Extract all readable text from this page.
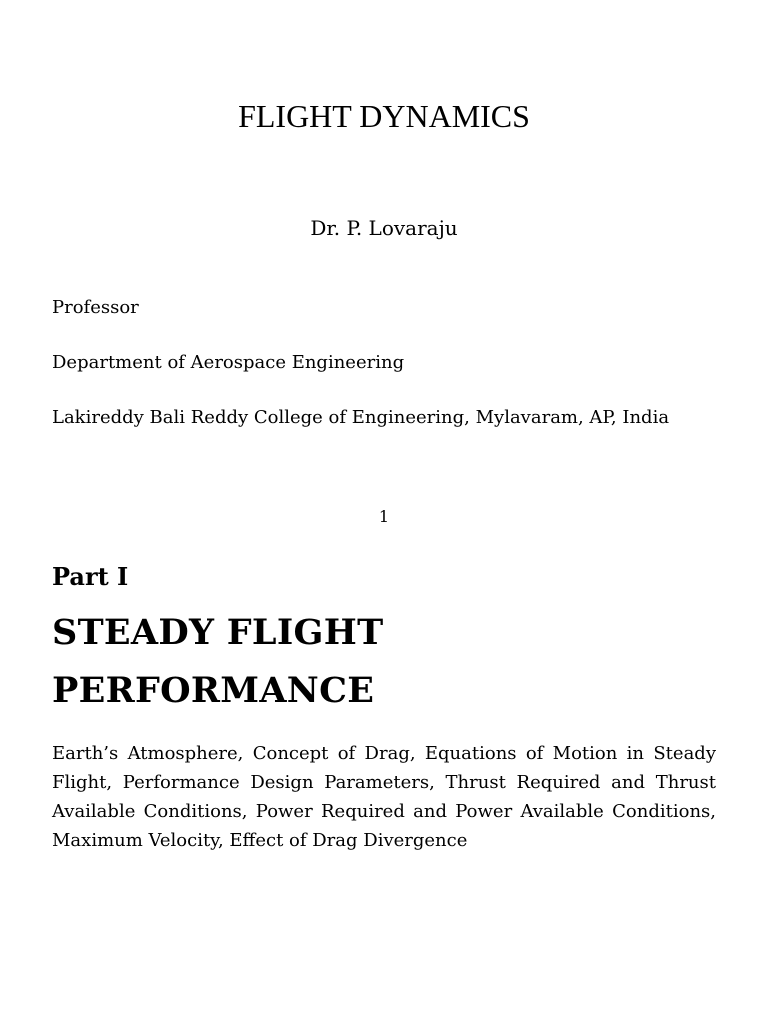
FLIGHT DYNAMICS
Dr. P. Lovaraju
Professor
Department of Aerospace Engineering
Lakireddy Bali Reddy College of Engineering, Mylavaram, AP, India
1
Part I
STEADY FLIGHT
PERFORMANCE

Earth’s Atmosphere, Concept of Drag, Equations of Motion in Steady Flight, Performance Design Parameters, Thrust Required and Thrust Available Conditions, Power Required and Power Available Conditions, Maximum Velocity, Effect of Drag Divergence
